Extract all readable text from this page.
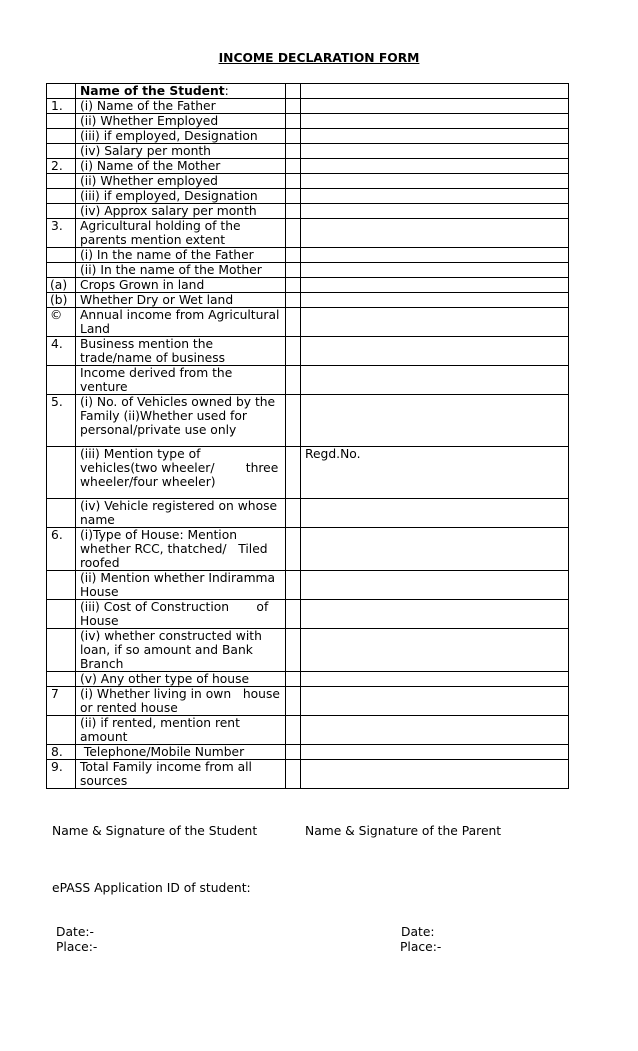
INCOME DECLARATION FORM
	Name of the Student:		
1.	(i) Name of the Father		
	(ii) Whether Employed		
	(iii) if employed, Designation		
	(iv) Salary per month		
2.	(i) Name of the Mother		
	(ii) Whether employed		
	(iii) if employed, Designation		
	(iv) Approx salary per month		
3.	Agricultural holding of the parents mention extent		
	(i) In the name of the Father		
	(ii) In the name of the Mother		
(a)	Crops Grown in land		
(b)	Whether Dry or Wet land		
©	Annual income from Agricultural Land		
4.	Business mention the trade/name of business		
	Income derived from the venture		
5.	(i) No. of Vehicles owned by the Family (ii)Whether used for personal/private use only		
	(iii) Mention type of vehicles(two wheeler/        three wheeler/four wheeler)		Regd.No.
	(iv) Vehicle registered on whose name		
6.	(i)Type of House: Mention whether RCC, thatched/   Tiled roofed		
	(ii) Mention whether Indiramma House		
	(iii) Cost of Construction       of House		
	(iv) whether constructed with loan, if so amount and Bank Branch		
	(v) Any other type of house		
7	(i) Whether living in own   house or rented house		
	(ii) if rented, mention rent amount		
8.	Telephone/Mobile Number		
9.	Total Family income from all sources		
Name & Signature of the Student	Name & Signature of the Parent
ePASS Application ID of student:
Date:-
Place:-
Date:
Place:-
